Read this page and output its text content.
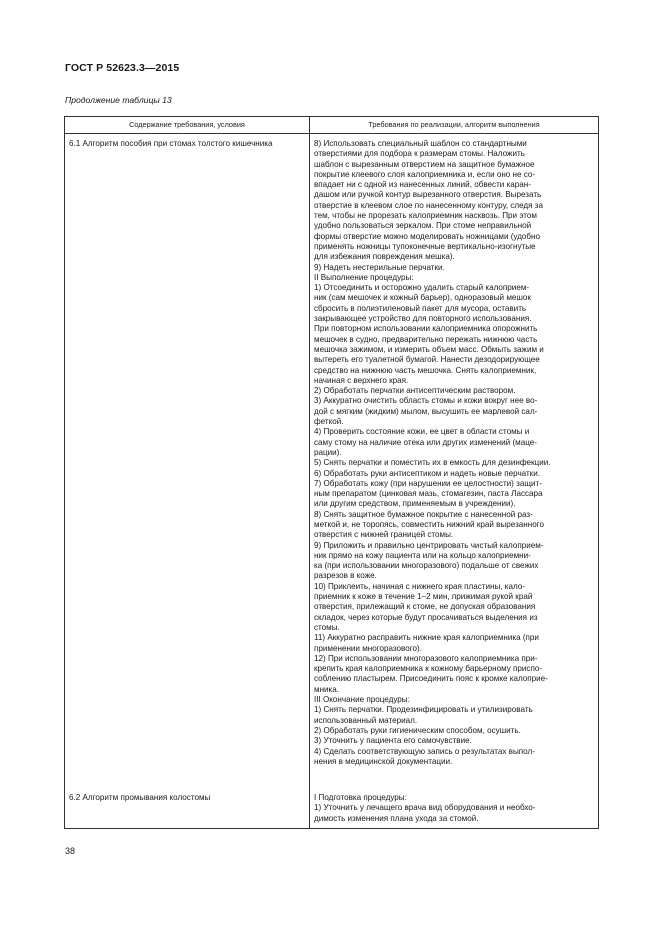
ГОСТ Р 52623.3—2015
Продолжение таблицы 13
Содержание требования, условия	Требования по реализации, алгоритм выполнения
6.1 Алгоритм пособия при стомах толстого кишечника	8) Использовать специальный шаблон со стандартными
отверстиями для подбора к размерам стомы. Наложить
шаблон с вырезанным отверстием на защитное бумажное
покрытие клеевого слоя калоприемника и, если оно не со-
впадает ни с одной из нанесенных линий, обвести каран-
дашом или ручкой контур вырезанного отверстия. Вырезать
отверстие в клеевом слое по нанесенному контуру, следя за
тем, чтобы не прорезать калоприемник насквозь. При этом
удобно пользоваться зеркалом. При стоме неправильной
формы отверстие можно моделировать ножницами (удобно
применять ножницы тупоконечные вертикально-изогнутые
для избежания повреждения мешка).
9) Надеть нестерильные перчатки.
II Выполнение процедуры:
1) Отсоединить и осторожно удалить старый калоприем-
ник (сам мешочек и кожный барьер), одноразовый мешок
сбросить в полиэтиленовый пакет для мусора, оставить
закрывающее устройство для повторного использования.
При повторном использовании калоприемника опорожнить
мешочек в судно, предварительно пережать нижнюю часть
мешочка зажимом, и измерить объем масс. Обмыть зажим и
вытереть его туалетной бумагой. Нанести дезодорирующее
средство на нижнюю часть мешочка. Снять калоприемник,
начиная с верхнего края.
2) Обработать перчатки антисептическим раствором.
3) Аккуратно очистить область стомы и кожи вокруг нее во-
дой с мягким (жидким) мылом, высушить ее марлевой сал-
феткой.
4) Проверить состояние кожи, ее цвет в области стомы и
саму стому на наличие отека или других изменений (маце-
рации).
5) Снять перчатки и поместить их в емкость для дезинфекции.
6) Обработать руки антисептиком и надеть новые перчатки.
7) Обработать кожу (при нарушении ее целостности) защит-
ным препаратом (цинковая мазь, стомагезин, паста Лассара
или другим средством, применяемым в учреждении).
8) Снять защитное бумажное покрытие с нанесенной раз-
меткой и, не торопясь, совместить нижний край вырезанного
отверстия с нижней границей стомы.
9) Приложить и правильно центрировать чистый калоприем-
ник прямо на кожу пациента или на кольцо калоприемни-
ка (при использовании многоразового) подальше от свежих
разрезов в коже.
10) Приклеить, начиная с нижнего края пластины, кало-
приемник к коже в течение 1–2 мин, прижимая рукой край
отверстия, прилежащий к стоме, не допуская образования
складок, через которые будут просачиваться выделения из
стомы.
11) Аккуратно расправить нижние края калоприемника (при
применении многоразового).
12) При использовании многоразового калоприемника при-
крепить края калоприемника к кожному барьерному приспо-
соблению пластырем. Присоединить пояс к кромке калоприе-
мника.
III Окончание процедуры:
1) Снять перчатки. Продезинфицировать и утилизировать
использованный материал.
2) Обработать руки гигиеническим способом, осушить.
3) Уточнить у пациента его самочувствие.
4) Сделать соответствующую запись о результатах выпол-
нения в медицинской документации.
6.2 Алгоритм промывания колостомы	I Подготовка процедуры:
1) Уточнить у лечащего врача вид оборудования и необхо-
димость изменения плана ухода за стомой.
38
